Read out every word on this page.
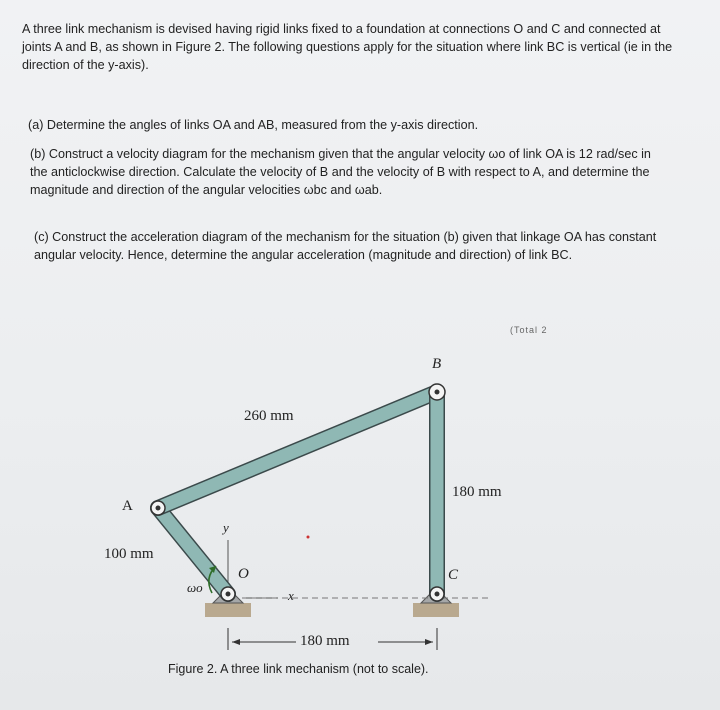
A three link mechanism is devised having rigid links fixed to a foundation at connections O and C and connected at joints A and B, as shown in Figure 2. The following questions apply for the situation where link BC is vertical (ie in the direction of the y-axis).

(a) Determine the angles of links OA and AB, measured from the y-axis direction.

(b) Construct a velocity diagram for the mechanism given that the angular velocity ωo of link OA is 12 rad/sec in the anticlockwise direction. Calculate the velocity of B and the velocity of B with respect to A, and determine the magnitude and direction of the angular velocities ωbc and ωab.

(c) Construct the acceleration diagram of the mechanism for the situation (b) given that linkage OA has constant angular velocity. Hence, determine the angular acceleration (magnitude and direction) of link BC.

(Total 2
A
B
C
O
y
x
ωo
260 mm
180 mm
100 mm
180 mm
Figure 2. A three link mechanism (not to scale).
